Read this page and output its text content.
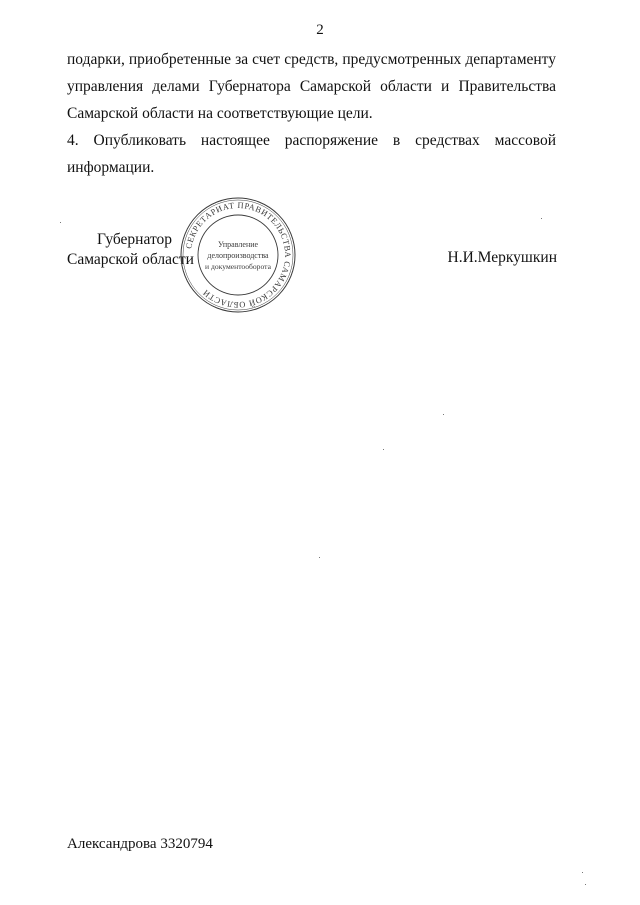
2
подарки, приобретенные за счет средств, предусмотренных департаменту
управления делами Губернатора Самарской области и Правительства
Самарской области на соответствующие цели.
4. Опубликовать настоящее распоряжение в средствах массовой
информации.
Губернатор
Самарской области	Н.И.Меркушкин
СЕКРЕТАРИАТ ПРАВИТЕЛЬСТВА САМАРСКОЙ ОБЛАСТИ
Управление
делопроизводства
и документооборота
Александрова 3320794
